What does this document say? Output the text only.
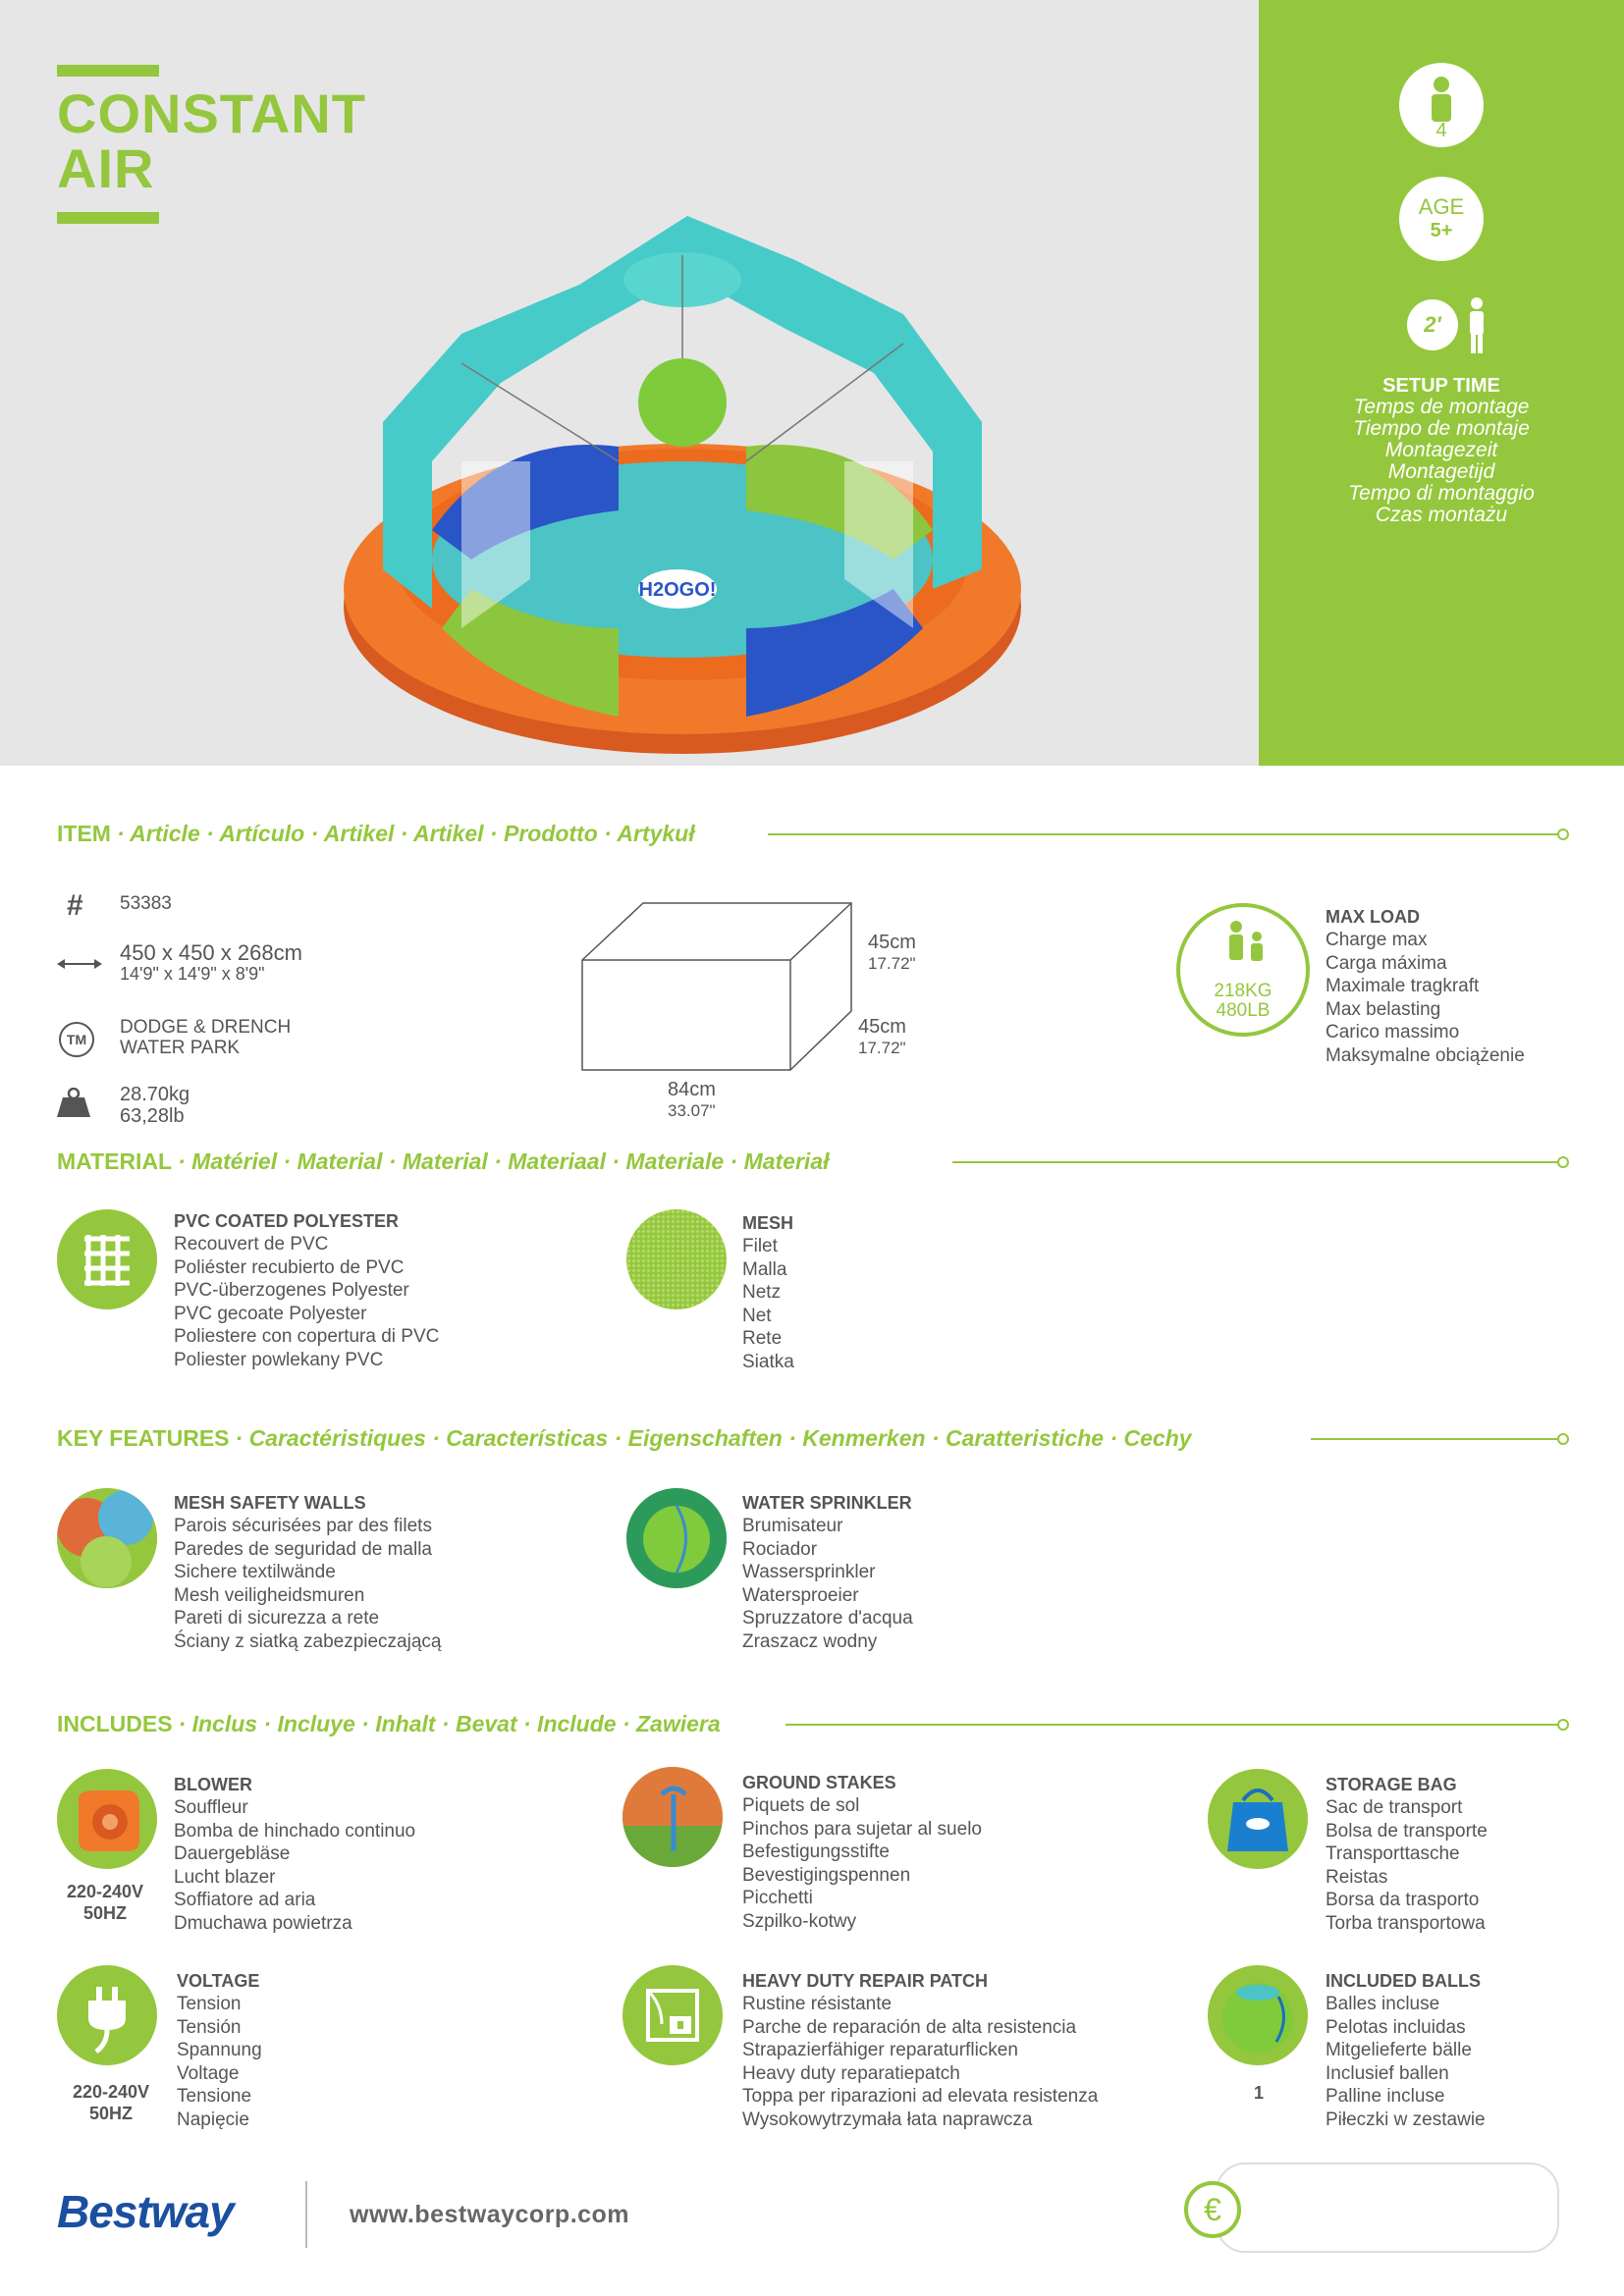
CONSTANT
AIR
H2OGO!
4
AGE
5+
2'
SETUP TIME
Temps de montage
Tiempo de montaje
Montagezeit
Montagetijd
Tempo di montaggio
Czas montażu
ITEM · Article · Artículo · Artikel · Artikel · Prodotto · Artykuł
# 53383
450 x 450 x 268cm
14'9" x 14'9" x 8'9"
TM
DODGE & DRENCH
WATER PARK
28.70kg
63,28lb
45cm
17.72"
45cm
17.72"
84cm
33.07"
218KG
480LB
MAX LOAD
Charge max
Carga máxima
Maximale tragkraft
Max belasting
Carico massimo
Maksymalne obciążenie
MATERIAL · Matériel · Material · Material · Materiaal · Materiale · Materiał
PVC COATED POLYESTER
Recouvert de PVC
Poliéster recubierto de PVC
PVC-überzogenes Polyester
PVC gecoate Polyester
Poliestere con copertura di PVC
Poliester powlekany PVC
MESH
Filet
Malla
Netz
Net
Rete
Siatka
KEY FEATURES · Caractéristiques · Características · Eigenschaften · Kenmerken · Caratteristiche · Cechy
MESH SAFETY WALLS
Parois sécurisées par des filets
Paredes de seguridad de malla
Sichere textilwände
Mesh veiligheidsmuren
Pareti di sicurezza a rete
Ściany z siatką zabezpieczającą
WATER SPRINKLER
Brumisateur
Rociador
Wassersprinkler
Watersproeier
Spruzzatore d'acqua
Zraszacz wodny
INCLUDES · Inclus · Incluye · Inhalt · Bevat · Include · Zawiera
220-240V
50HZ
BLOWER
Souffleur
Bomba de hinchado continuo
Dauergebläse
Lucht blazer
Soffiatore ad aria
Dmuchawa powietrza
GROUND STAKES
Piquets de sol
Pinchos para sujetar al suelo
Befestigungsstifte
Bevestigingspennen
Picchetti
Szpilko-kotwy
STORAGE BAG
Sac de transport
Bolsa de transporte
Transporttasche
Reistas
Borsa da trasporto
Torba transportowa
220-240V
50HZ
VOLTAGE
Tension
Tensión
Spannung
Voltage
Tensione
Napięcie
HEAVY DUTY REPAIR PATCH
Rustine résistante
Parche de reparación de alta resistencia
Strapazierfähiger reparaturflicken
Heavy duty reparatiepatch
Toppa per riparazioni ad elevata resistenza
Wysokowytrzymała łata naprawcza
1
INCLUDED BALLS
Balles incluse
Pelotas incluidas
Mitgelieferte bälle
Inclusief ballen
Palline incluse
Piłeczki w zestawie
Bestway	www.bestwaycorp.com	€
